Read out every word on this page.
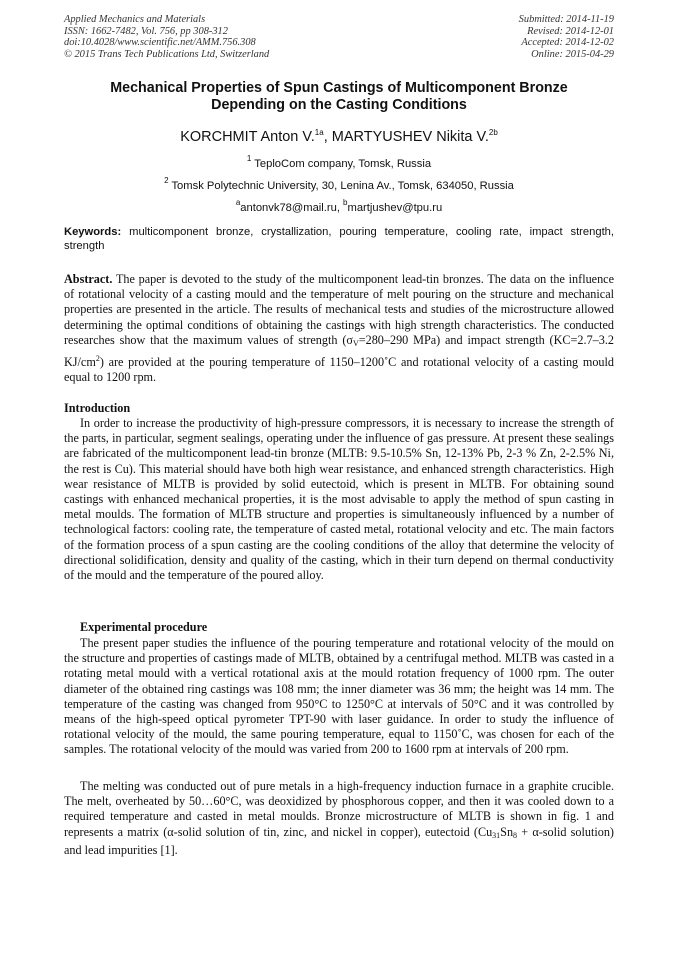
Applied Mechanics and Materials
ISSN: 1662-7482, Vol. 756, pp 308-312
doi:10.4028/www.scientific.net/AMM.756.308
© 2015 Trans Tech Publications Ltd, Switzerland
Submitted: 2014-11-19
Revised: 2014-12-01
Accepted: 2014-12-02
Online: 2015-04-29
Mechanical Properties of Spun Castings of Multicomponent Bronze
Depending on the Casting Conditions
KORCHMIT Anton V.$^{1a}$, MARTYUSHEV Nikita V.$^{2b}$
$^1$ TeploCom company, Tomsk, Russia
$^2$ Tomsk Polytechnic University, 30, Lenina Av., Tomsk, 634050, Russia
$^a$antonvk78@mail.ru, $^b$martjushev@tpu.ru
Keywords: multicomponent bronze, crystallization, pouring temperature, cooling rate, impact strength, strength
Abstract. The paper is devoted to the study of the multicomponent lead-tin bronzes. The data on the influence of rotational velocity of a casting mould and the temperature of melt pouring on the structure and mechanical properties are presented in the article. The results of mechanical tests and studies of the microstructure allowed determining the optimal conditions of obtaining the castings with high strength characteristics. The conducted researches show that the maximum values of strength ($\sigma_V=280-290$ MPa) and impact strength (KC=2.7–3.2 $KJ/cm^2$) are provided at the pouring temperature of 1150–1200˚C and rotational velocity of a casting mould equal to 1200 rpm.
Introduction
In order to increase the productivity of high-pressure compressors, it is necessary to increase the strength of the parts, in particular, segment sealings, operating under the influence of gas pressure. At present these sealings are fabricated of the multicomponent lead-tin bronze (MLTB: 9.5-10.5% Sn, 12-13% Pb, 2-3 % Zn, 2-2.5% Ni, the rest is Cu). This material should have both high wear resistance, and enhanced strength characteristics. High wear resistance of MLTB is provided by solid eutectoid, which is present in MLTB. For obtaining sound castings with enhanced mechanical properties, it is the most advisable to apply the method of spun casting in metal moulds. The formation of MLTB structure and properties is simultaneously influenced by a number of technological factors: cooling rate, the temperature of casted metal, rotational velocity and etc. The main factors of the formation process of a spun casting are the cooling conditions of the alloy that determine the velocity of directional solidification, density and quality of the casting, which in their turn depend on thermal conductivity of the mould and the temperature of the poured alloy.
Experimental procedure
The present paper studies the influence of the pouring temperature and rotational velocity of the mould on the structure and properties of castings made of MLTB, obtained by a centrifugal method. MLTB was casted in a rotating metal mould with a vertical rotational axis at the mould rotation frequency of 1000 rpm. The outer diameter of the obtained ring castings was 108 mm; the inner diameter was 36 mm; the height was 14 mm. The temperature of the casting was changed from 950°C to 1250°C at intervals of 50°C and it was controlled by means of the high-speed optical pyrometer TPT-90 with laser guidance. In order to study the influence of rotational velocity of the mould, the same pouring temperature, equal to 1150˚C, was chosen for each of the samples. The rotational velocity of the mould was varied from 200 to 1600 rpm at intervals of 200 rpm.
The melting was conducted out of pure metals in a high-frequency induction furnace in a graphite crucible. The melt, overheated by 50…60°C, was deoxidized by phosphorous copper, and then it was cooled down to a required temperature and casted in metal moulds. Bronze microstructure of MLTB is shown in fig. 1 and represents a matrix (α-solid solution of tin, zinc, and nickel in copper), eutectoid ($Cu_{31}Sn_8$ + α-solid solution) and lead impurities [1].
